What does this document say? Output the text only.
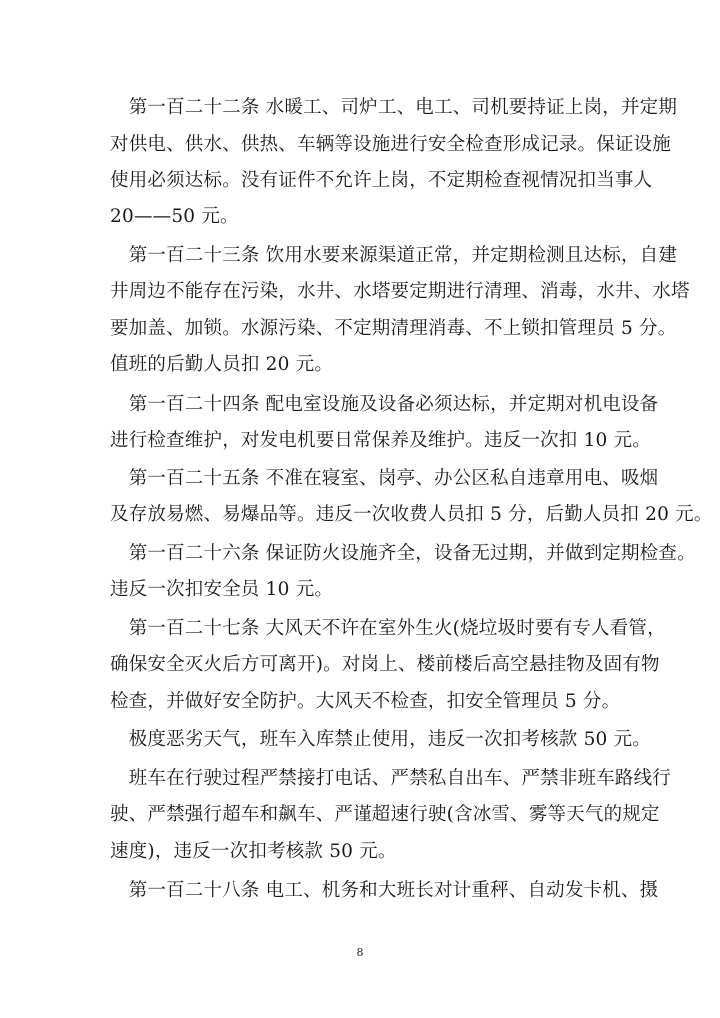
　第一百二十二条 水暖工、司炉工、电工、司机要持证上岗，并定期
对供电、供水、供热、车辆等设施进行安全检查形成记录。保证设施
使用必须达标。没有证件不允许上岗，不定期检查视情况扣当事人
20——50 元。
　第一百二十三条 饮用水要来源渠道正常，并定期检测且达标，自建
井周边不能存在污染，水井、水塔要定期进行清理、消毒，水井、水塔
要加盖、加锁。水源污染、不定期清理消毒、不上锁扣管理员 5 分。
值班的后勤人员扣 20 元。
　第一百二十四条 配电室设施及设备必须达标，并定期对机电设备
进行检查维护，对发电机要日常保养及维护。违反一次扣 10 元。
　第一百二十五条 不准在寝室、岗亭、办公区私自违章用电、吸烟
及存放易燃、易爆品等。违反一次收费人员扣 5 分，后勤人员扣 20 元。
　第一百二十六条 保证防火设施齐全，设备无过期，并做到定期检查。
违反一次扣安全员 10 元。
　第一百二十七条 大风天不许在室外生火(烧垃圾时要有专人看管，
确保安全灭火后方可离开)。对岗上、楼前楼后高空悬挂物及固有物
检查，并做好安全防护。大风天不检查，扣安全管理员 5 分。
　极度恶劣天气，班车入库禁止使用，违反一次扣考核款 50 元。
　班车在行驶过程严禁接打电话、严禁私自出车、严禁非班车路线行
驶、严禁强行超车和飙车、严谨超速行驶(含冰雪、雾等天气的规定
速度)，违反一次扣考核款 50 元。
　第一百二十八条 电工、机务和大班长对计重秤、自动发卡机、摄
8
